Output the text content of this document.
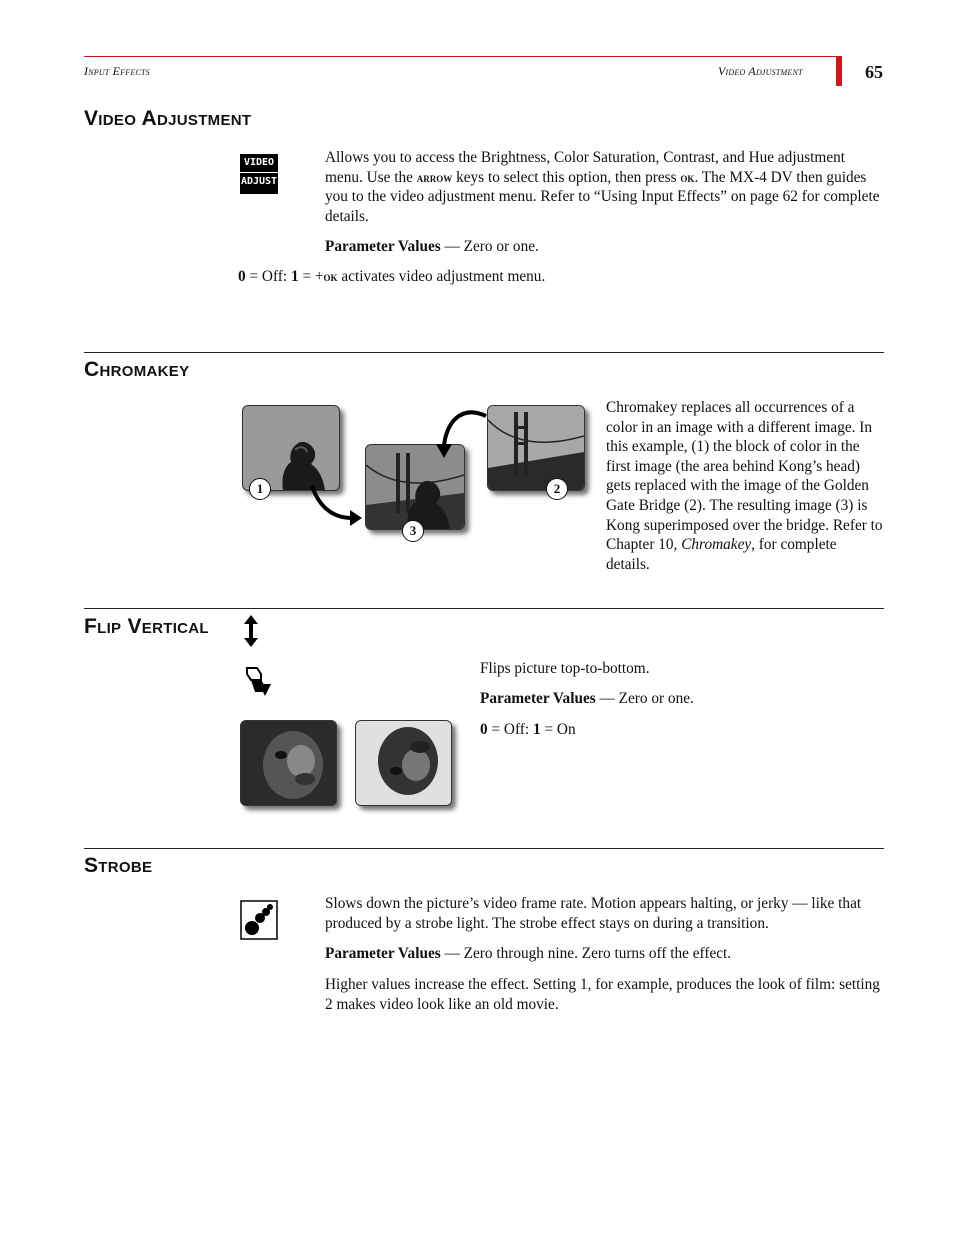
Input Effects	Video Adjustment	65
Video Adjustment
VIDEO
ADJUST
Allows you to access the Brightness, Color Saturation, Contrast, and Hue adjustment menu. Use the arrow keys to select this option, then press ok. The MX-4 DV then guides you to the video adjustment menu. Refer to “Using Input Effects” on page 62 for complete details.
Parameter Values — Zero or one.
0 = Off: 1 = +ok activates video adjustment menu.
Chromakey
1	2
3
Chromakey replaces all occurrences of a color in an image with a different image. In this example, (1) the block of color in the first image (the area behind Kong’s head) gets replaced with the image of the Golden Gate Bridge (2). The resulting image (3) is Kong superimposed over the bridge. Refer to Chapter 10, Chromakey, for complete details.
Flip Vertical
Flips picture top-to-bottom.
Parameter Values — Zero or one.
0 = Off: 1 = On
Strobe
Slows down the picture’s video frame rate. Motion appears halting, or jerky — like that produced by a strobe light. The strobe effect stays on during a transition.
Parameter Values — Zero through nine. Zero turns off the effect.
Higher values increase the effect. Setting 1, for example, produces the look of film: setting 2 makes video look like an old movie.
